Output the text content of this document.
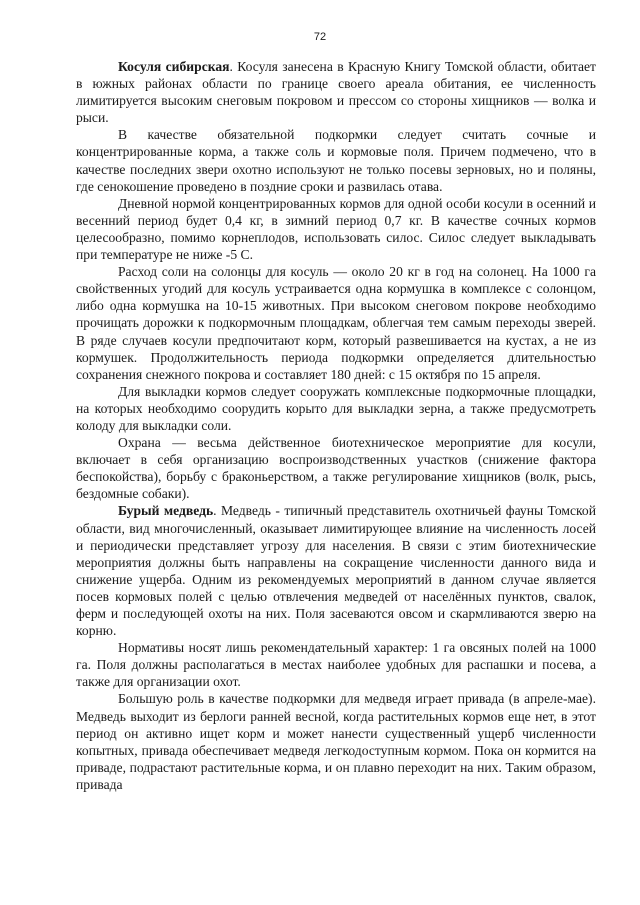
72

Косуля сибирская. Косуля занесена в Красную Книгу Томской области, обитает в южных районах области по границе своего ареала обитания, ее численность лимитируется высоким снеговым покровом и прессом со стороны хищников — волка и рыси.

В качестве обязательной подкормки следует считать сочные и концентрированные корма, а также соль и кормовые поля. Причем подмечено, что в качестве последних звери охотно используют не только посевы зерновых, но и поляны, где сенокошение проведено в поздние сроки и развилась отава.

Дневной нормой концентрированных кормов для одной особи косули в осенний и весенний период будет 0,4 кг, в зимний период 0,7 кг. В качестве сочных кормов целесообразно, помимо корнеплодов, использовать силос. Силос следует выкладывать при температуре не ниже -5 С.

Расход соли на солонцы для косуль — около 20 кг в год на солонец. На 1000 га свойственных угодий для косуль устраивается одна кормушка в комплексе с солонцом, либо одна кормушка на 10-15 животных. При высоком снеговом покрове необходимо прочищать дорожки к подкормочным площадкам, облегчая тем самым переходы зверей. В ряде случаев косули предпочитают корм, который развешивается на кустах, а не из кормушек. Продолжительность периода подкормки определяется длительностью сохранения снежного покрова и составляет 180 дней: с 15 октября по 15 апреля.

Для выкладки кормов следует сооружать комплексные подкормочные площадки, на которых необходимо соорудить корыто для выкладки зерна, а также предусмотреть колоду для выкладки соли.

Охрана — весьма действенное биотехническое мероприятие для косули, включает в себя организацию воспроизводственных участков (снижение фактора беспокойства), борьбу с браконьерством, а также регулирование хищников (волк, рысь, бездомные собаки).

Бурый медведь. Медведь - типичный представитель охотничьей фауны Томской области, вид многочисленный, оказывает лимитирующее влияние на численность лосей и периодически представляет угрозу для населения. В связи с этим биотехнические мероприятия должны быть направлены на сокращение численности данного вида и снижение ущерба. Одним из рекомендуемых мероприятий в данном случае является посев кормовых полей с целью отвлечения медведей от населённых пунктов, свалок, ферм и последующей охоты на них. Поля засеваются овсом и скармливаются зверю на корню.

Нормативы носят лишь рекомендательный характер: 1 га овсяных полей на 1000 га. Поля должны располагаться в местах наиболее удобных для распашки и посева, а также для организации охот.

Большую роль в качестве подкормки для медведя играет привада (в апреле-мае). Медведь выходит из берлоги ранней весной, когда растительных кормов еще нет, в этот период он активно ищет корм и может нанести существенный ущерб численности копытных, привада обеспечивает медведя легкодоступным кормом. Пока он кормится на приваде, подрастают растительные корма, и он плавно переходит на них. Таким образом, привада
